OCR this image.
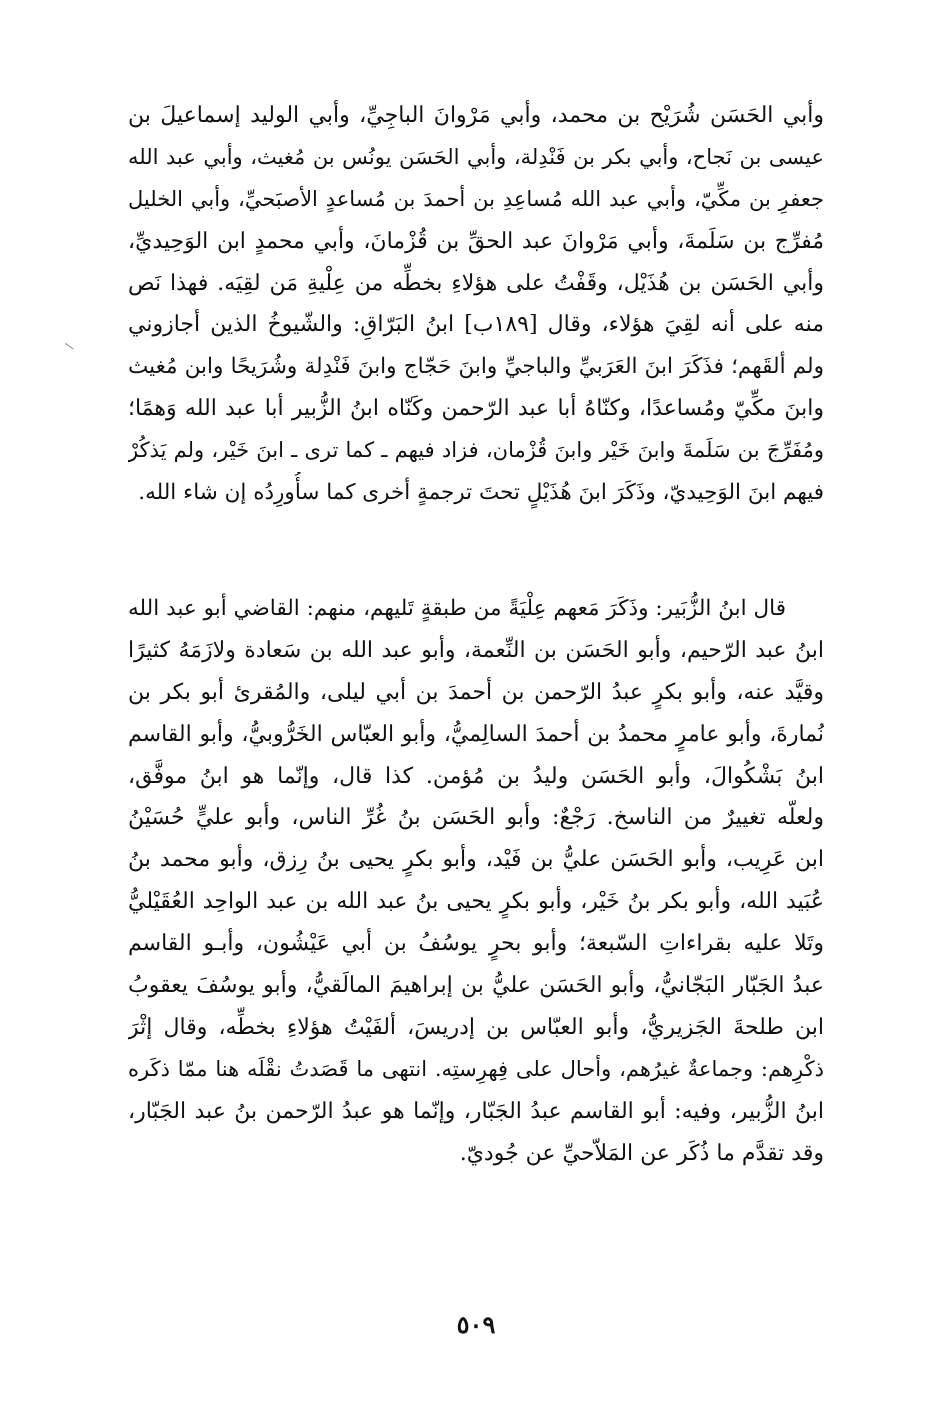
وأبي الحَسَن شُرَيْح بن محمد، وأبي مَرْوانَ الباجِيِّ، وأبي الوليد إسماعيلَ بن
عيسى بن نَجاح، وأبي بكر بن فَنْدِلة، وأبي الحَسَن يونُس بن مُغيث، وأبي عبد الله
جعفرِ بن مكِّيّ، وأبي عبد الله مُساعِدِ بن أحمدَ بن مُساعدٍ الأصبَحيِّ، وأبي الخليل
مُفرِّج بن سَلَمةَ، وأبي مَرْوانَ عبد الحقِّ بن قُزْمانَ، وأبي محمدٍ ابن الوَحِيديِّ،
وأبي الحَسَن بن هُذَيْل، وقَفْتُ على هؤلاءِ بخطِّه من عِلْيةِ مَن لقِيَه. فهذا نَص
منه على أنه لقِيَ هؤلاء، وقال [١٨٩ب] ابنُ البَرّاقِ: والشّيوخُ الذين أجازوني
ولم ألقَهم؛ فذَكَرَ ابنَ العَرَبيِّ والباجيِّ وابنَ حَجّاج وابنَ فَنْدِلة وشُرَيحًا وابن مُغيث
وابنَ مكِّيّ ومُساعدًا، وكنّاهُ أبا عبد الرّحمن وكَنّاه ابنُ الزُّبير أبا عبد الله وَهمًا؛
ومُفَرِّجَ بن سَلَمةَ وابنَ خَيْر وابنَ قُزْمان، فزاد فيهم ـ كما ترى ـ ابنَ خَيْر، ولم يَذكُرْ
فيهم ابنَ الوَحِيديّ، وذَكَرَ ابنَ هُذَيْلٍ تحتَ ترجمةٍ أخرى كما سأُورِدُه إن شاء الله.
قال ابنُ الزُّبَير: وذَكَرَ مَعهم عِلْيَةً من طبقةٍ تَليهم، منهم: القاضي أبو عبد الله
ابنُ عبد الرّحيم، وأبو الحَسَن بن النِّعمة، وأبو عبد الله بن سَعادة ولازَمَهُ كثيرًا
وقيَّد عنه، وأبو بكرٍ عبدُ الرّحمن بن أحمدَ بن أبي ليلى، والمُقرئ أبو بكر بن
نُمارةَ، وأبو عامرٍ محمدُ بن أحمدَ السالِميُّ، وأبو العبّاس الخَرُّوبيُّ، وأبو القاسم
ابنُ بَشْكُوالَ، وأبو الحَسَن وليدُ بن مُؤمن. كذا قال، وإنّما هو ابنُ موفَّق،
ولعلّه تغييرٌ من الناسخ. رَجْعٌ: وأبو الحَسَن بنُ غُرِّ الناس، وأبو عليٍّ حُسَيْنُ
ابن عَرِيب، وأبو الحَسَن عليُّ بن فَيْد، وأبو بكرٍ يحيى بنُ رِزق، وأبو محمد بنُ
عُبَيد الله، وأبو بكر بنُ خَيْر، وأبو بكرٍ يحيى بنُ عبد الله بن عبد الواحِد العُقَيْليُّ
وتَلا عليه بقراءاتِ السّبعة؛ وأبو بحرٍ يوسُفُ بن أبي عَيْشُون، وأبـو القاسم
عبدُ الجَبّار البَجّانيُّ، وأبو الحَسَن عليُّ بن إبراهيمَ المالَقيُّ، وأبو يوسُفَ يعقوبُ
ابن طلحةَ الجَزيريُّ، وأبو العبّاس بن إدريسَ، ألفَيْتُ هؤلاءِ بخطِّه، وقال إثْرَ
ذكْرِهم: وجماعةٌ غيرُهم، وأحال على فِهرِستِه. انتهى ما قَصَدتُ نقْلَه هنا ممّا ذكَره
ابنُ الزُّبير، وفيه: أبو القاسم عبدُ الجَبّار، وإنّما هو عبدُ الرّحمن بنُ عبد الجَبّار،
وقد تقدَّم ما ذُكَر عن المَلاّحيِّ عن جُوديّ.
٥٠٩
